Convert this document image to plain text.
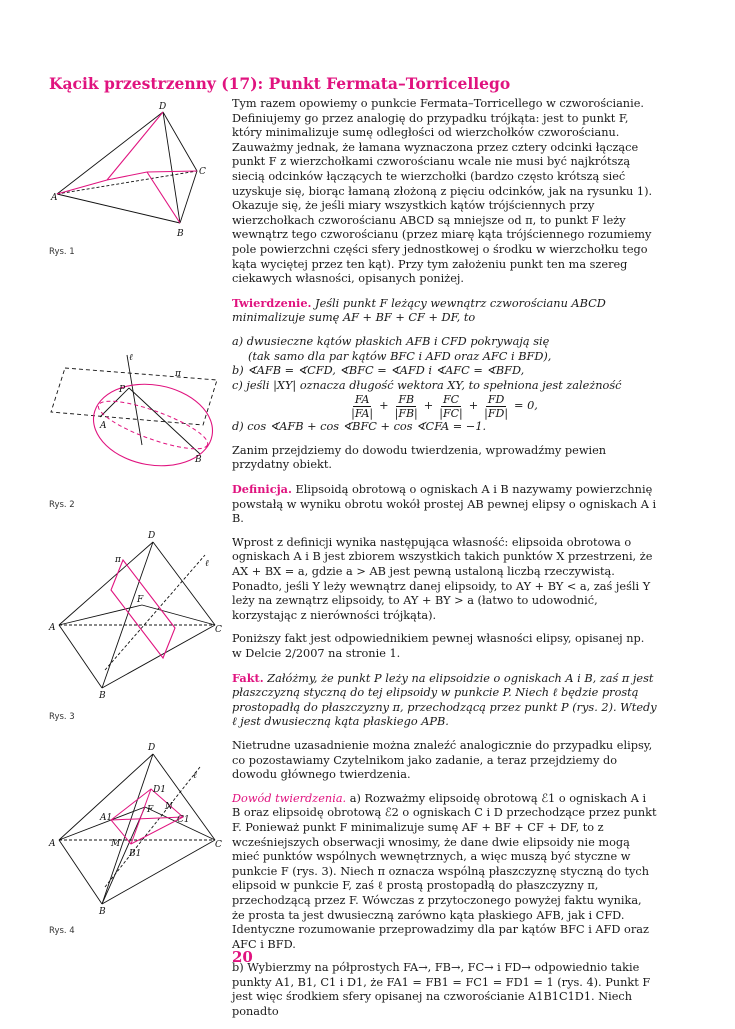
Kącik przestrzenny (17): Punkt Fermata–Torricellego
D
C
A
B
Rys. 1
ℓ
π
P
A
B
Rys. 2
D
π	ℓ
F
A	C
B
Rys. 3
D
D1
ℓ
F N
A1	C1
M
B1
A	C
B
Rys. 4

Tym razem opowiemy o punkcie Fermata–Torricellego w czworościanie. Definiujemy go przez analogię do przypadku trójkąta: jest to punkt F, który minimalizuje sumę odległości od wierzchołków czworościanu. Zauważmy jednak, że łamana wyznaczona przez cztery odcinki łączące punkt F z wierzchołkami czworościanu wcale nie musi być najkrótszą siecią odcinków łączących te wierzchołki (bardzo często krótszą sieć uzyskuje się, biorąc łamaną złożoną z pięciu odcinków, jak na rysunku 1). Okazuje się, że jeśli miary wszystkich kątów trójściennych przy wierzchołkach czworościanu ABCD są mniejsze od π, to punkt F leży wewnątrz tego czworościanu (przez miarę kąta trójściennego rozumiemy pole powierzchni części sfery jednostkowej o środku w wierzchołku tego kąta wyciętej przez ten kąt). Przy tym założeniu punkt ten ma szereg ciekawych własności, opisanych poniżej.

Twierdzenie. Jeśli punkt F leżący wewnątrz czworościanu ABCD minimalizuje sumę AF + BF + CF + DF, to

a) dwusieczne kątów płaskich AFB i CFD pokrywają się
(tak samo dla par kątów BFC i AFD oraz AFC i BFD),
b) ∢AFB = ∢CFD, ∢BFC = ∢AFD i ∢AFC = ∢BFD,
c) jeśli |XY| oznacza długość wektora XY, to spełniona jest zależność
$\frac{FA}{|FA|} + \frac{FB}{|FB|} + \frac{FC}{|FC|} + \frac{FD}{|FD|} = 0$,
d) cos ∢AFB + cos ∢BFC + cos ∢CFA = −1.

Zanim przejdziemy do dowodu twierdzenia, wprowadźmy pewien przydatny obiekt.

Definicja. Elipsoidą obrotową o ogniskach A i B nazywamy powierzchnię powstałą w wyniku obrotu wokół prostej AB pewnej elipsy o ogniskach A i B.

Wprost z definicji wynika następująca własność: elipsoida obrotowa o ogniskach A i B jest zbiorem wszystkich takich punktów X przestrzeni, że AX + BX = a, gdzie a > AB jest pewną ustaloną liczbą rzeczywistą. Ponadto, jeśli Y leży wewnątrz danej elipsoidy, to AY + BY < a, zaś jeśli Y leży na zewnątrz elipsoidy, to AY + BY > a (łatwo to udowodnić, korzystając z nierówności trójkąta).

Poniższy fakt jest odpowiednikiem pewnej własności elipsy, opisanej np. w Delcie 2/2007 na stronie 1.

Fakt. Załóżmy, że punkt P leży na elipsoidzie o ogniskach A i B, zaś π jest płaszczyzną styczną do tej elipsoidy w punkcie P. Niech ℓ będzie prostą prostopadłą do płaszczyzny π, przechodzącą przez punkt P (rys. 2). Wtedy ℓ jest dwusieczną kąta płaskiego APB.

Nietrudne uzasadnienie można znaleźć analogicznie do przypadku elipsy, co pozostawiamy Czytelnikom jako zadanie, a teraz przejdziemy do dowodu głównego twierdzenia.

Dowód twierdzenia. a) Rozważmy elipsoidę obrotową ℰ1 o ogniskach A i B oraz elipsoidę obrotową ℰ2 o ogniskach C i D przechodzące przez punkt F. Ponieważ punkt F minimalizuje sumę AF + BF + CF + DF, to z wcześniejszych obserwacji wnosimy, że dane dwie elipsoidy nie mogą mieć punktów wspólnych wewnętrznych, a więc muszą być styczne w punkcie F (rys. 3). Niech π oznacza wspólną płaszczyznę styczną do tych elipsoid w punkcie F, zaś ℓ prostą prostopadłą do płaszczyzny π, przechodzącą przez F. Wówczas z przytoczonego powyżej faktu wynika, że prosta ta jest dwusieczną zarówno kąta płaskiego AFB, jak i CFD. Identyczne rozumowanie przeprowadzimy dla par kątów BFC i AFD oraz AFC i BFD.

b) Wybierzmy na półprostych FA→, FB→, FC→ i FD→ odpowiednio takie punkty A1, B1, C1 i D1, że FA1 = FB1 = FC1 = FD1 = 1 (rys. 4). Punkt F jest więc środkiem sfery opisanej na czworościanie A1B1C1D1. Niech ponadto

20
